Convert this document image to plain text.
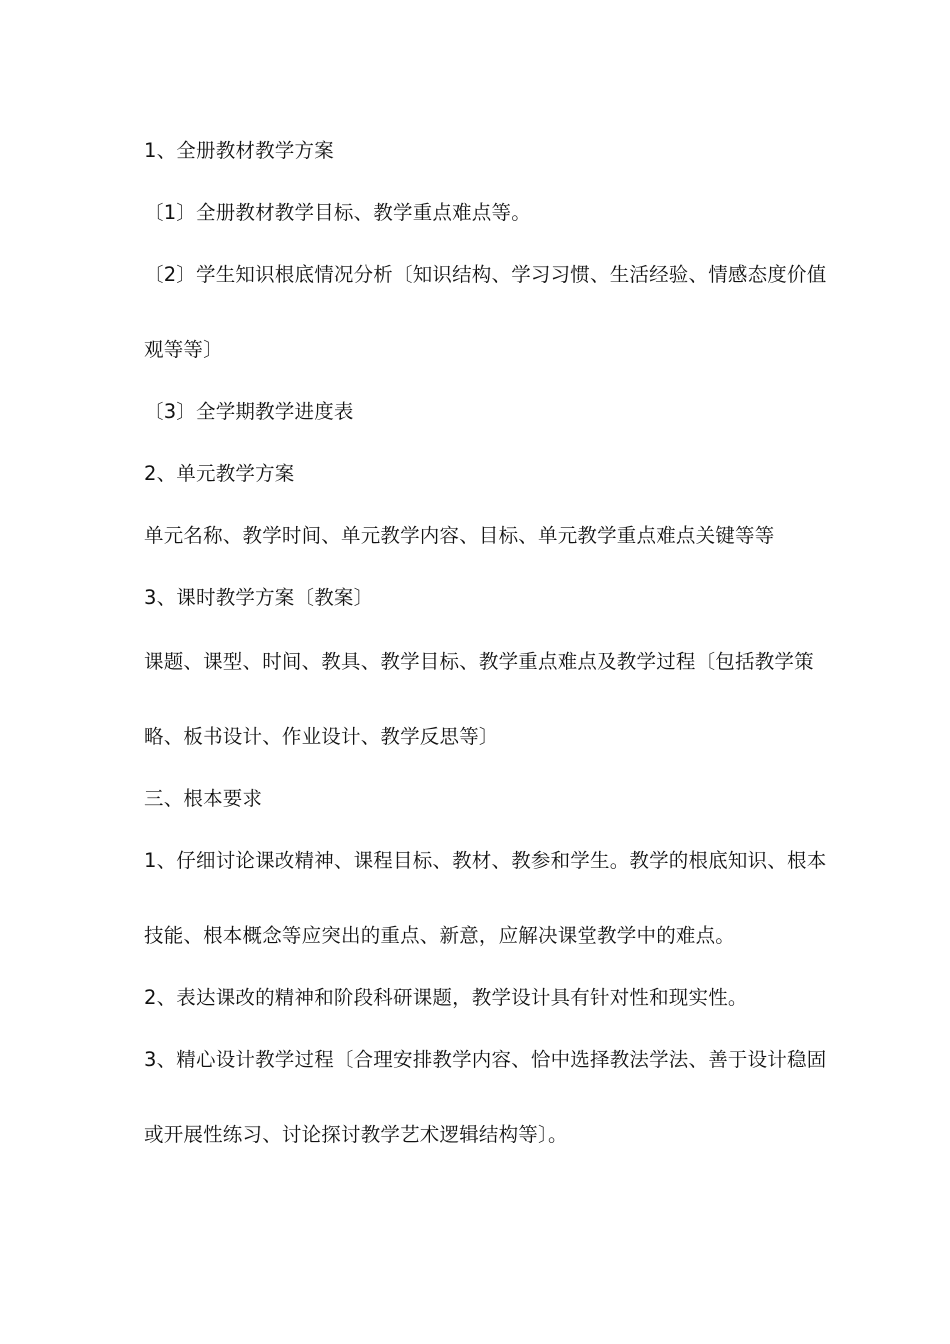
1、全册教材教学方案
〔1〕全册教材教学目标、教学重点难点等。
〔2〕学生知识根底情况分析〔知识结构、学习习惯、生活经验、情感态度价值
观等等〕
〔3〕全学期教学进度表
2、单元教学方案
单元名称、教学时间、单元教学内容、目标、单元教学重点难点关键等等
3、课时教学方案〔教案〕
课题、课型、时间、教具、教学目标、教学重点难点及教学过程〔包括教学策
略、板书设计、作业设计、教学反思等〕
三、根本要求
1、仔细讨论课改精神、课程目标、教材、教参和学生。教学的根底知识、根本
技能、根本概念等应突出的重点、新意，应解决课堂教学中的难点。
2、表达课改的精神和阶段科研课题，教学设计具有针对性和现实性。
3、精心设计教学过程〔合理安排教学内容、恰中选择教法学法、善于设计稳固
或开展性练习、讨论探讨教学艺术逻辑结构等〕。
